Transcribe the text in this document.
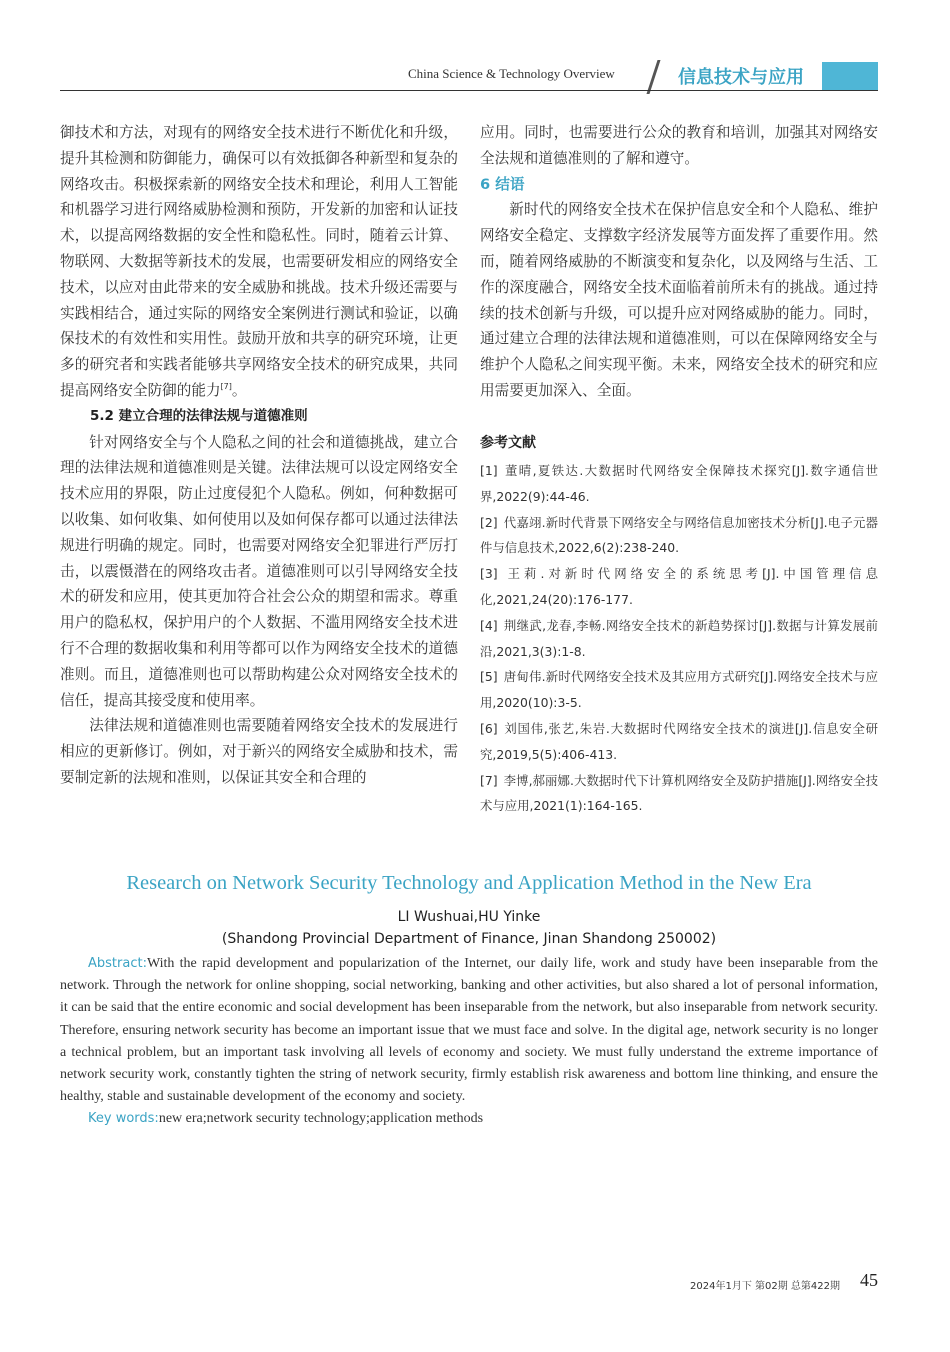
China Science & Technology Overview	信息技术与应用

御技术和方法，对现有的网络安全技术进行不断优化和升级，提升其检测和防御能力，确保可以有效抵御各种新型和复杂的网络攻击。积极探索新的网络安全技术和理论，利用人工智能和机器学习进行网络威胁检测和预防，开发新的加密和认证技术，以提高网络数据的安全性和隐私性。同时，随着云计算、物联网、大数据等新技术的发展，也需要研发相应的网络安全技术，以应对由此带来的安全威胁和挑战。技术升级还需要与实践相结合，通过实际的网络安全案例进行测试和验证，以确保技术的有效性和实用性。鼓励开放和共享的研究环境，让更多的研究者和实践者能够共享网络安全技术的研究成果，共同提高网络安全防御的能力[7]。

5.2 建立合理的法律法规与道德准则

针对网络安全与个人隐私之间的社会和道德挑战，建立合理的法律法规和道德准则是关键。法律法规可以设定网络安全技术应用的界限，防止过度侵犯个人隐私。例如，何种数据可以收集、如何收集、如何使用以及如何保存都可以通过法律法规进行明确的规定。同时，也需要对网络安全犯罪进行严厉打击，以震慑潜在的网络攻击者。道德准则可以引导网络安全技术的研发和应用，使其更加符合社会公众的期望和需求。尊重用户的隐私权，保护用户的个人数据、不滥用网络安全技术进行不合理的数据收集和利用等都可以作为网络安全技术的道德准则。而且，道德准则也可以帮助构建公众对网络安全技术的信任，提高其接受度和使用率。

法律法规和道德准则也需要随着网络安全技术的发展进行相应的更新修订。例如，对于新兴的网络安全威胁和技术，需要制定新的法规和准则，以保证其安全和合理的

应用。同时，也需要进行公众的教育和培训，加强其对网络安全法规和道德准则的了解和遵守。

6 结语

新时代的网络安全技术在保护信息安全和个人隐私、维护网络安全稳定、支撑数字经济发展等方面发挥了重要作用。然而，随着网络威胁的不断演变和复杂化，以及网络与生活、工作的深度融合，网络安全技术面临着前所未有的挑战。通过持续的技术创新与升级，可以提升应对网络威胁的能力。同时，通过建立合理的法律法规和道德准则，可以在保障网络安全与维护个人隐私之间实现平衡。未来，网络安全技术的研究和应用需要更加深入、全面。

参考文献

[1] 董晴,夏铁达.大数据时代网络安全保障技术探究[J].数字通信世界,2022(9):44-46.

[2] 代嘉翊.新时代背景下网络安全与网络信息加密技术分析[J].电子元器件与信息技术,2022,6(2):238-240.

[3] 王莉.对新时代网络安全的系统思考[J].中国管理信息化,2021,24(20):176-177.

[4] 荆继武,龙春,李畅.网络安全技术的新趋势探讨[J].数据与计算发展前沿,2021,3(3):1-8.

[5] 唐甸伟.新时代网络安全技术及其应用方式研究[J].网络安全技术与应用,2020(10):3-5.

[6] 刘国伟,张艺,朱岩.大数据时代网络安全技术的演进[J].信息安全研究,2019,5(5):406-413.

[7] 李博,郝丽娜.大数据时代下计算机网络安全及防护措施[J].网络安全技术与应用,2021(1):164-165.

Research on Network Security Technology and Application Method in the New Era
LI Wushuai,HU Yinke
(Shandong Provincial Department of Finance, Jinan Shandong 250002)

Abstract:With the rapid development and popularization of the Internet, our daily life, work and study have been inseparable from the network. Through the network for online shopping, social networking, banking and other activities, but also shared a lot of personal information, it can be said that the entire economic and social development has been inseparable from the network, but also inseparable from network security. Therefore, ensuring network security has become an important issue that we must face and solve. In the digital age, network security is no longer a technical problem, but an important task involving all levels of economy and society. We must fully understand the extreme importance of network security work, constantly tighten the string of network security, firmly establish risk awareness and bottom line thinking, and ensure the healthy, stable and sustainable development of the economy and society.

Key words:new era;network security technology;application methods

2024年1月下 第02期 总第422期	45
